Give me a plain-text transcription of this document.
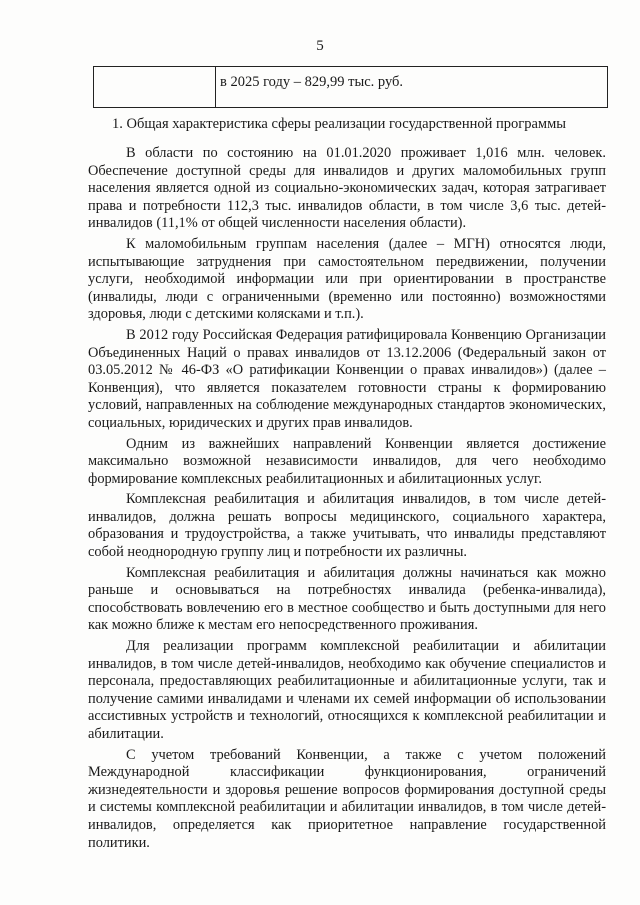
5
	в 2025 году – 829,99 тыс. руб.
1. Общая характеристика сферы реализации государственной программы

В области по состоянию на 01.01.2020 проживает 1,016 млн. человек. Обеспечение доступной среды для инвалидов и других маломобильных групп населения является одной из социально-экономических задач, которая затрагивает права и потребности 112,3 тыс. инвалидов области, в том числе 3,6 тыс. детей-инвалидов (11,1% от общей численности населения области).

К маломобильным группам населения (далее – МГН) относятся люди, испытывающие затруднения при самостоятельном передвижении, получении услуги, необходимой информации или при ориентировании в пространстве (инвалиды, люди с ограниченными (временно или постоянно) возможностями здоровья, люди с детскими колясками и т.п.).

В 2012 году Российская Федерация ратифицировала Конвенцию Организации Объединенных Наций о правах инвалидов от 13.12.2006 (Федеральный закон от 03.05.2012 № 46-ФЗ «О ратификации Конвенции о правах инвалидов») (далее – Конвенция), что является показателем готовности страны к формированию условий, направленных на соблюдение международных стандартов экономических, социальных, юридических и других прав инвалидов.

Одним из важнейших направлений Конвенции является достижение максимально возможной независимости инвалидов, для чего необходимо формирование комплексных реабилитационных и абилитационных услуг.

Комплексная реабилитация и абилитация инвалидов, в том числе детей-инвалидов, должна решать вопросы медицинского, социального характера, образования и трудоустройства, а также учитывать, что инвалиды представляют собой неоднородную группу лиц и потребности их различны.

Комплексная реабилитация и абилитация должны начинаться как можно раньше и основываться на потребностях инвалида (ребенка-инвалида), способствовать вовлечению его в местное сообщество и быть доступными для него как можно ближе к местам его непосредственного проживания.

Для реализации программ комплексной реабилитации и абилитации инвалидов, в том числе детей-инвалидов, необходимо как обучение специалистов и персонала, предоставляющих реабилитационные и абилитационные услуги, так и получение самими инвалидами и членами их семей информации об использовании ассистивных устройств и технологий, относящихся к комплексной реабилитации и абилитации.

С учетом требований Конвенции, а также с учетом положений Международной классификации функционирования, ограничений жизнедеятельности и здоровья решение вопросов формирования доступной среды и системы комплексной реабилитации и абилитации инвалидов, в том числе детей-инвалидов, определяется как приоритетное направление государственной политики.
